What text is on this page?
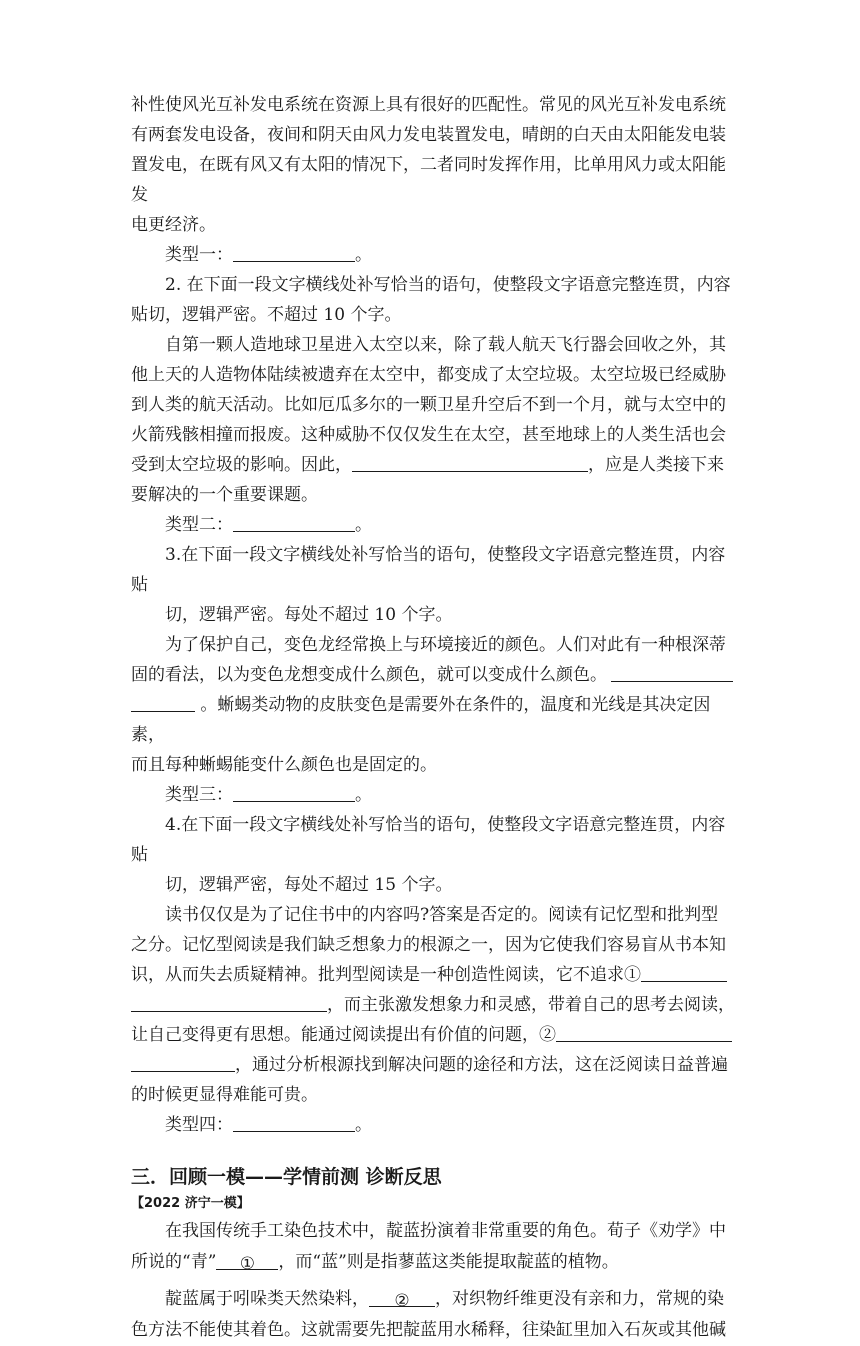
补性使风光互补发电系统在资源上具有很好的匹配性。常见的风光互补发电系统

有两套发电设备，夜间和阴天由风力发电装置发电，晴朗的白天由太阳能发电装

置发电，在既有风又有太阳的情况下，二者同时发挥作用，比单用风力或太阳能发

电更经济。

类型一：	。

2. 在下面一段文字横线处补写恰当的语句，使整段文字语意完整连贯，内容

贴切，逻辑严密。不超过 10 个字。

自第一颗人造地球卫星进入太空以来，除了载人航天飞行器会回收之外，其

他上天的人造物体陆续被遗弃在太空中，都变成了太空垃圾。太空垃圾已经威胁

到人类的航天活动。比如厄瓜多尔的一颗卫星升空后不到一个月，就与太空中的

火箭残骸相撞而报废。这种威胁不仅仅发生在太空，甚至地球上的人类生活也会

受到太空垃圾的影响。因此，	，应是人类接下来

要解决的一个重要课题。

类型二：	。

3.在下面一段文字横线处补写恰当的语句，使整段文字语意完整连贯，内容贴

切，逻辑严密。每处不超过 10 个字。

为了保护自己，变色龙经常换上与环境接近的颜色。人们对此有一种根深蒂

固的看法，以为变色龙想变成什么颜色，就可以变成什么颜色。

。蜥蜴类动物的皮肤变色是需要外在条件的，温度和光线是其决定因素，

而且每种蜥蜴能变什么颜色也是固定的。

类型三：	。

4.在下面一段文字横线处补写恰当的语句，使整段文字语意完整连贯，内容贴

切，逻辑严密，每处不超过 15 个字。

读书仅仅是为了记住书中的内容吗?答案是否定的。阅读有记忆型和批判型

之分。记忆型阅读是我们缺乏想象力的根源之一，因为它使我们容易盲从书本知

识，从而失去质疑精神。批判型阅读是一种创造性阅读，它不追求①

，而主张激发想象力和灵感，带着自己的思考去阅读，

让自己变得更有思想。能通过阅读提出有价值的问题，②

，通过分析根源找到解决问题的途径和方法，这在泛阅读日益普遍

的时候更显得难能可贵。

类型四：	。

三．回顾一模——学情前测 诊断反思

【2022 济宁一模】

在我国传统手工染色技术中，靛蓝扮演着非常重要的角色。荀子《劝学》中

所说的“青” ① ，而“蓝”则是指蓼蓝这类能提取靛蓝的植物。

靛蓝属于吲哚类天然染料， ② ，对织物纤维更没有亲和力，常规的染

色方法不能使其着色。这就需要先把靛蓝用水稀释，往染缸里加入石灰或其他碱
